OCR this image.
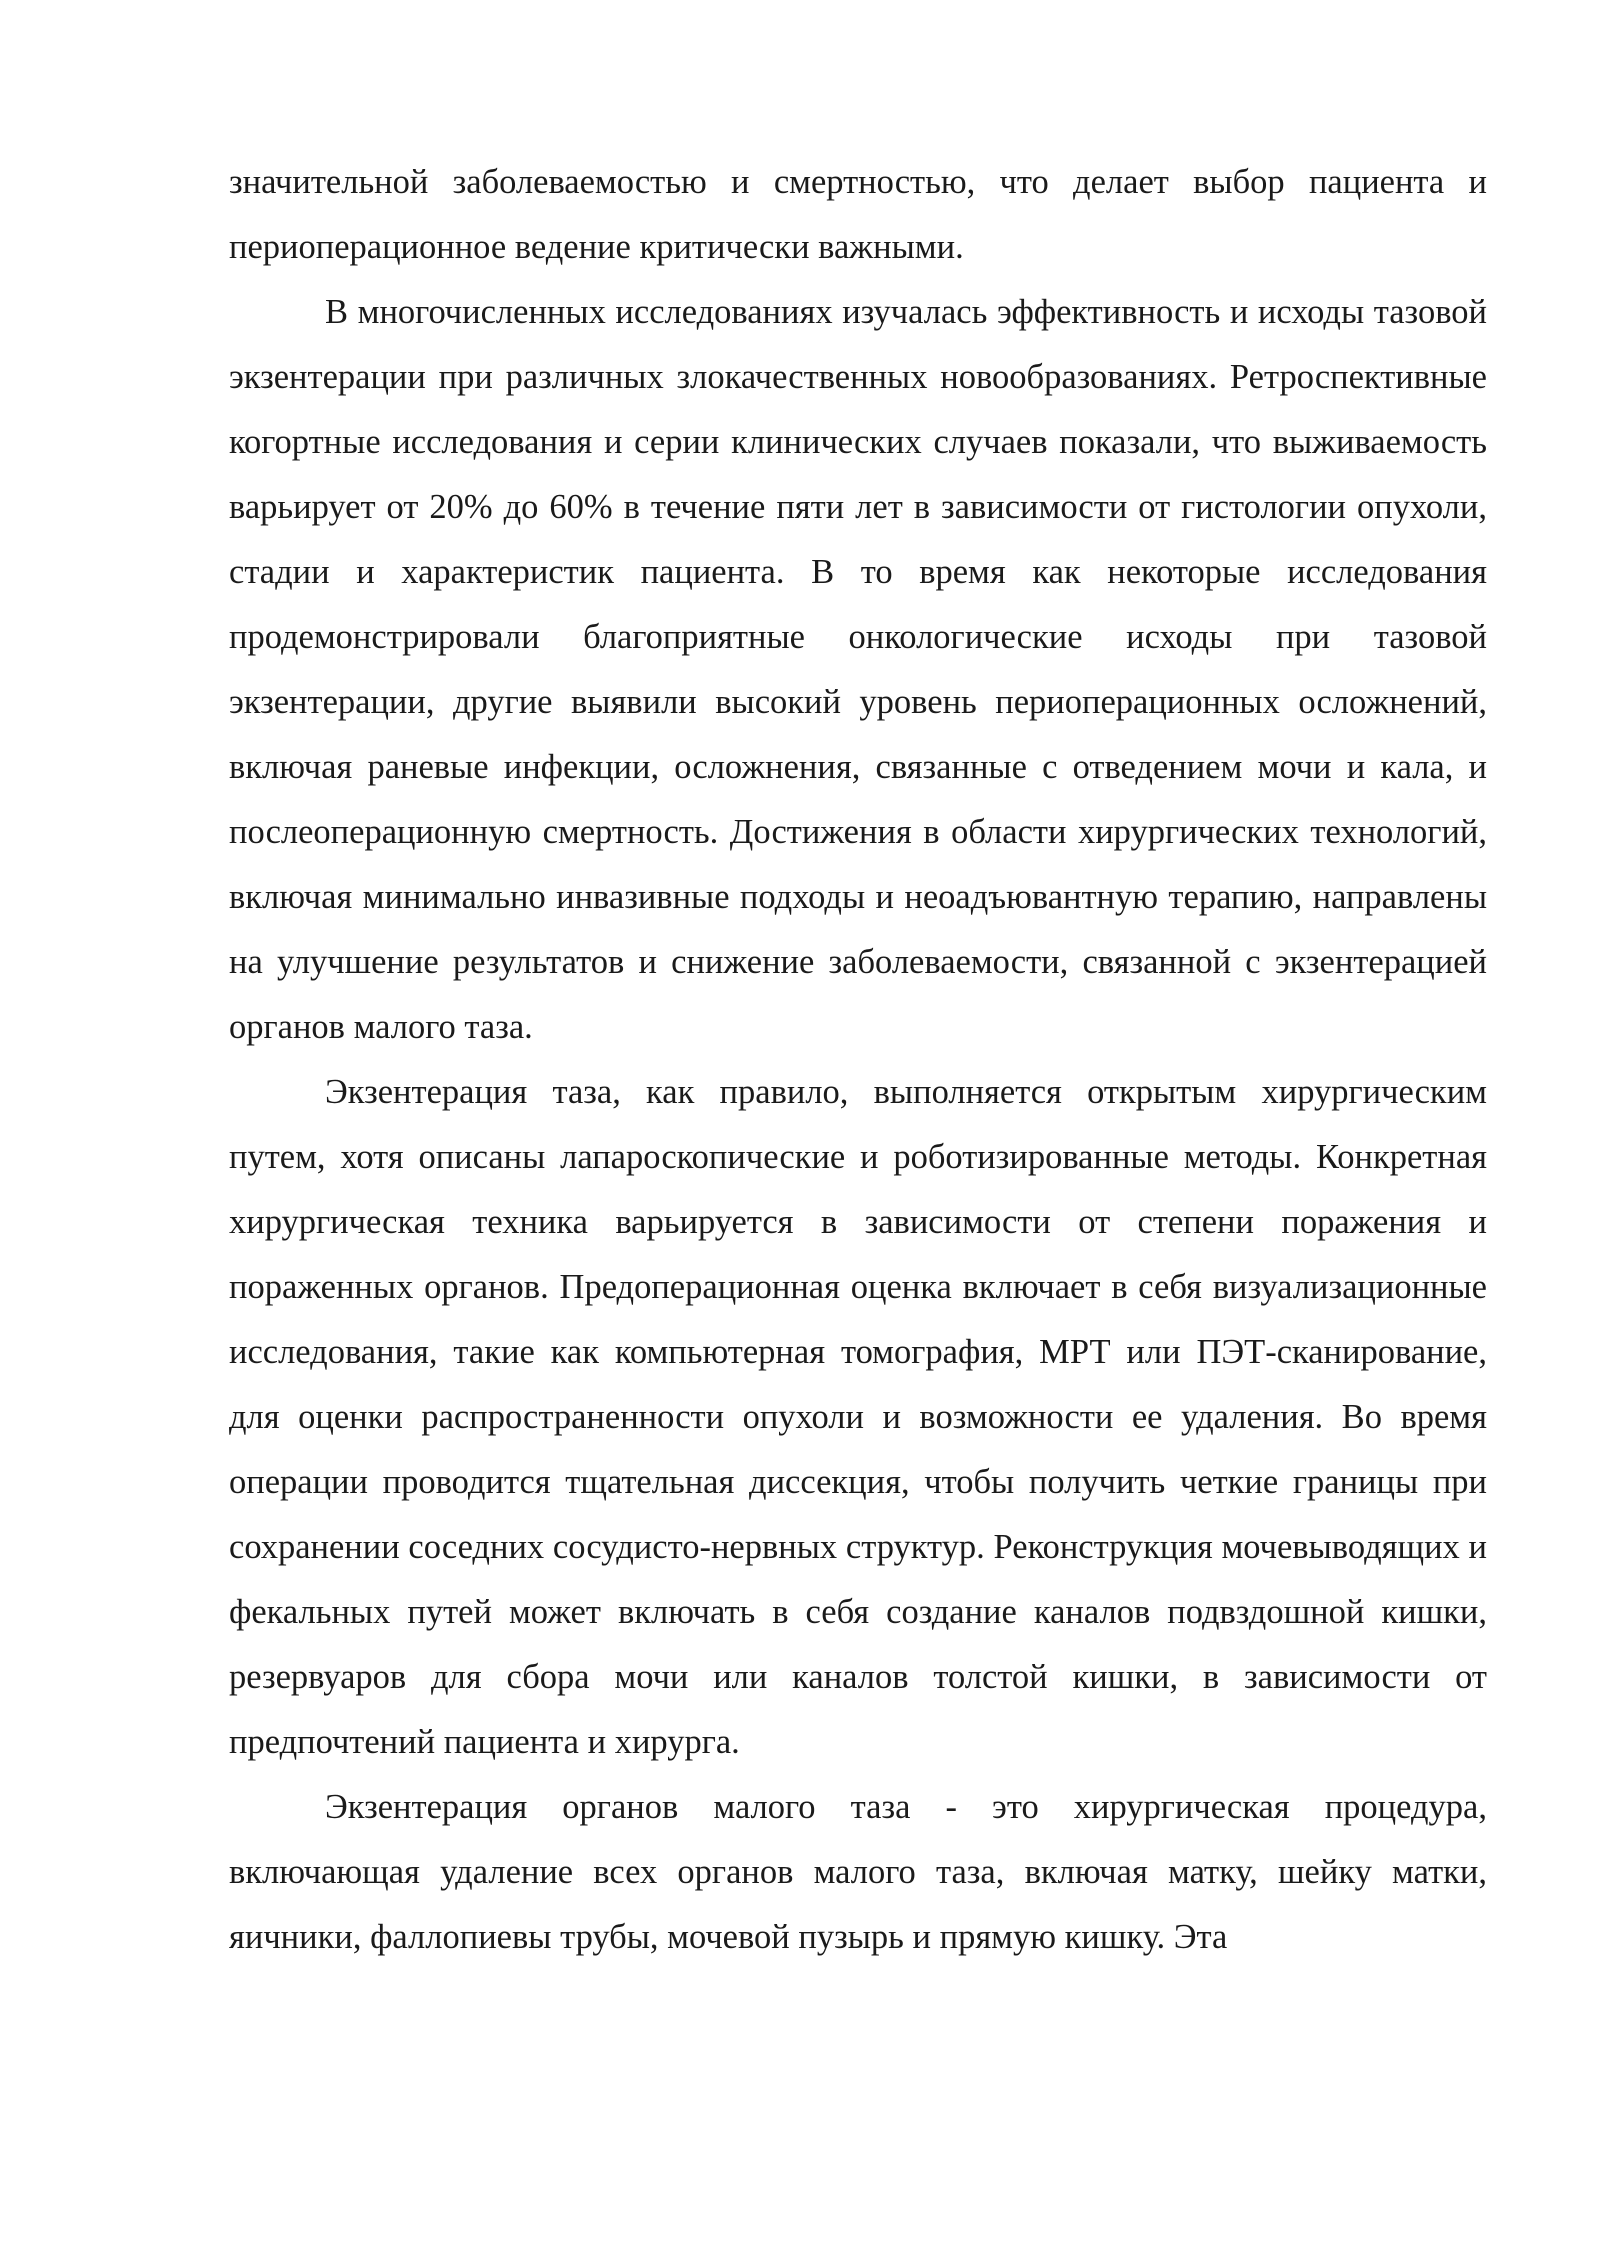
значительной заболеваемостью и смертностью, что делает выбор пациента и периоперационное ведение критически важными.

В многочисленных исследованиях изучалась эффективность и исходы тазовой экзентерации при различных злокачественных новообразованиях. Ретроспективные когортные исследования и серии клинических случаев показали, что выживаемость варьирует от 20% до 60% в течение пяти лет в зависимости от гистологии опухоли, стадии и характеристик пациента. В то время как некоторые исследования продемонстрировали благоприятные онкологические исходы при тазовой экзентерации, другие выявили высокий уровень периоперационных осложнений, включая раневые инфекции, осложнения, связанные с отведением мочи и кала, и послеоперационную смертность. Достижения в области хирургических технологий, включая минимально инвазивные подходы и неоадъювантную терапию, направлены на улучшение результатов и снижение заболеваемости, связанной с экзентерацией органов малого таза.

Экзентерация таза, как правило, выполняется открытым хирургическим путем, хотя описаны лапароскопические и роботизированные методы. Конкретная хирургическая техника варьируется в зависимости от степени поражения и пораженных органов. Предоперационная оценка включает в себя визуализационные исследования, такие как компьютерная томография, МРТ или ПЭТ-сканирование, для оценки распространенности опухоли и возможности ее удаления. Во время операции проводится тщательная диссекция, чтобы получить четкие границы при сохранении соседних сосудисто-нервных структур. Реконструкция мочевыводящих и фекальных путей может включать в себя создание каналов подвздошной кишки, резервуаров для сбора мочи или каналов толстой кишки, в зависимости от предпочтений пациента и хирурга.

Экзентерация органов малого таза - это хирургическая процедура, включающая удаление всех органов малого таза, включая матку, шейку матки, яичники, фаллопиевы трубы, мочевой пузырь и прямую кишку. Эта
